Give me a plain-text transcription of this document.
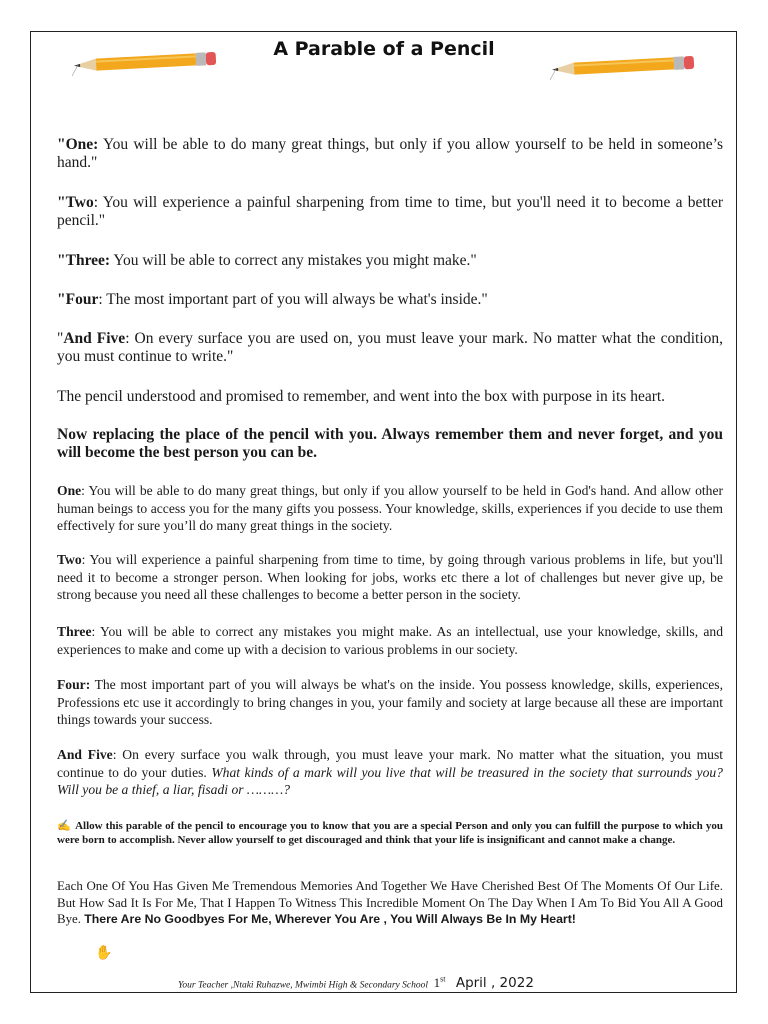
A Parable of a Pencil

"One: You will be able to do many great things, but only if you allow yourself to be held in someone’s hand."

"Two: You will experience a painful sharpening from time to time, but you'll need it to become a better pencil."

"Three: You will be able to correct any mistakes you might make."

"Four: The most important part of you will always be what's inside."

"And Five: On every surface you are used on, you must leave your mark. No matter what the condition, you must continue to write."

The pencil understood and promised to remember, and went into the box with purpose in its heart.

Now replacing the place of the pencil with you. Always remember them and never forget, and you will become the best person you can be.

One: You will be able to do many great things, but only if you allow yourself to be held in God's hand. And allow other human beings to access you for the many gifts you possess. Your knowledge, skills, experiences if you decide to use them effectively for sure you’ll do many great things in the society.

Two: You will experience a painful sharpening from time to time, by going through various problems in life, but you'll need it to become a stronger person. When looking for jobs, works etc there a lot of challenges but never give up, be strong because you need all these challenges to become a better person in the society.

Three: You will be able to correct any mistakes you might make. As an intellectual, use your knowledge, skills, and experiences to make and come up with a decision to various problems in our society.

Four: The most important part of you will always be what's on the inside. You possess knowledge, skills, experiences, Professions etc use it accordingly to bring changes in you, your family and society at large because all these are important things towards your success.

And Five: On every surface you walk through, you must leave your mark. No matter what the situation, you must continue to do your duties. What kinds of a mark will you live that will be treasured in the society that surrounds you? Will you be a thief, a liar, fisadi or ………?

✍ Allow this parable of the pencil to encourage you to know that you are a special Person and only you can fulfill the purpose to which you were born to accomplish. Never allow yourself to get discouraged and think that your life is insignificant and cannot make a change.

Each One Of You Has Given Me Tremendous Memories And Together We Have Cherished Best Of The Moments Of Our Life. But How Sad It Is For Me, That I Happen To Witness This Incredible Moment On The Day When I Am To Bid You All A Good Bye. There Are No Goodbyes For Me, Wherever You Are , You Will Always Be In My Heart!

✋
Your Teacher ,Ntaki Ruhazwe, Mwimbi High & Secondary School 1st April , 2022
